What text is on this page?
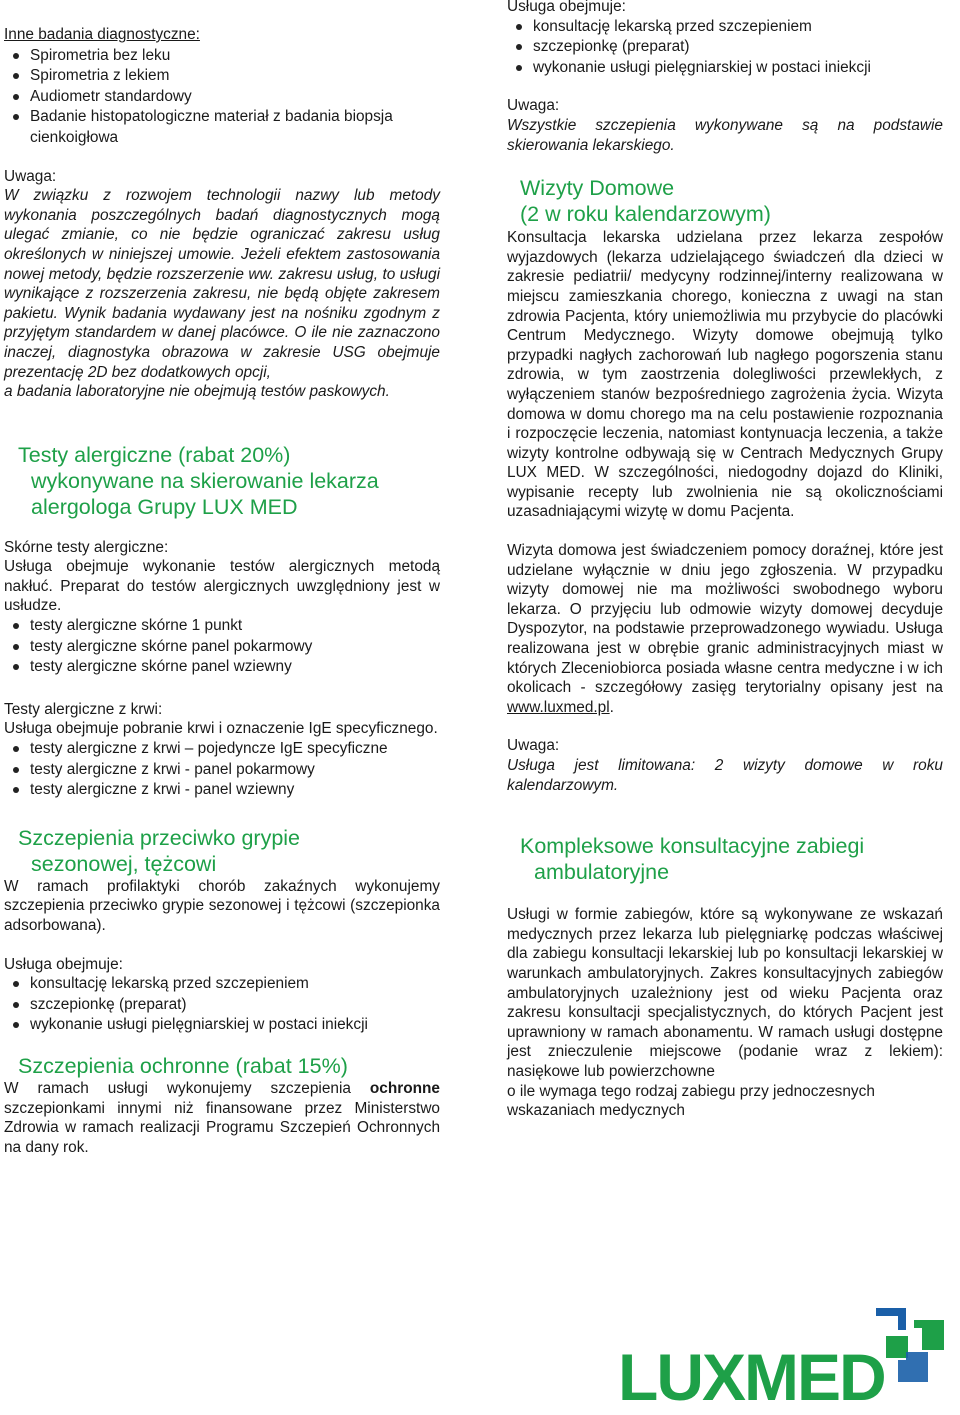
Inne badania diagnostyczne:

Spirometria bez leku
Spirometria z lekiem
Audiometr standardowy
Badanie histopatologiczne materiał z badania biopsja cienkoigłowa

Uwaga:

W związku z rozwojem technologii nazwy lub metody wykonania poszczególnych badań diagnostycznych mogą ulegać zmianie, co nie będzie ograniczać zakresu usług określonych w niniejszej umowie. Jeżeli efektem zastosowania nowej metody, będzie rozszerzenie ww. zakresu usług, to usługi wynikające z rozszerzenia zakresu, nie będą objęte zakresem pakietu. Wynik badania wydawany jest na nośniku zgodnym z przyjętym standardem w danej placówce. O ile nie zaznaczono inaczej, diagnostyka obrazowa w zakresie USG obejmuje prezentację 2D bez dodatkowych opcji,

a badania laboratoryjne nie obejmują testów paskowych.

Testy alergiczne (rabat 20%)

wykonywane na skierowanie lekarza

alergologa Grupy LUX MED

Skórne testy alergiczne:

Usługa obejmuje wykonanie testów alergicznych metodą nakłuć. Preparat do testów alergicznych uwzględniony jest w usłudze.

testy alergiczne skórne 1 punkt
testy alergiczne skórne panel pokarmowy
testy alergiczne skórne panel wziewny

Testy alergiczne z krwi:

Usługa obejmuje pobranie krwi i oznaczenie IgE specyficznego.

testy alergiczne z krwi – pojedyncze IgE specyficzne
testy alergiczne z krwi - panel pokarmowy
testy alergiczne z krwi - panel wziewny

Szczepienia przeciwko grypie

sezonowej, tężcowi

W ramach profilaktyki chorób zakaźnych wykonujemy szczepienia przeciwko grypie sezonowej i tężcowi (szczepionka adsorbowana).

Usługa obejmuje:

konsultację lekarską przed szczepieniem
szczepionkę (preparat)
wykonanie usługi pielęgniarskiej w postaci iniekcji

Szczepienia ochronne (rabat 15%)

W ramach usługi wykonujemy szczepienia ochronne szczepionkami innymi niż finansowane przez Ministerstwo Zdrowia w ramach realizacji Programu Szczepień Ochronnych na dany rok.

Usługa obejmuje:

konsultację lekarską przed szczepieniem
szczepionkę (preparat)
wykonanie usługi pielęgniarskiej w postaci iniekcji

Uwaga:

Wszystkie szczepienia wykonywane są na podstawie skierowania lekarskiego.

Wizyty Domowe

(2 w roku kalendarzowym)

Konsultacja lekarska udzielana przez lekarza zespołów wyjazdowych (lekarza udzielającego świadczeń dla dzieci w zakresie pediatrii/ medycyny rodzinnej/interny realizowana w miejscu zamieszkania chorego, konieczna z uwagi na stan zdrowia Pacjenta, który uniemożliwia mu przybycie do placówki Centrum Medycznego. Wizyty domowe obejmują tylko przypadki nagłych zachorowań lub nagłego pogorszenia stanu zdrowia, w tym zaostrzenia dolegliwości przewlekłych, z wyłączeniem stanów bezpośredniego zagrożenia życia. Wizyta domowa w domu chorego ma na celu postawienie rozpoznania i rozpoczęcie leczenia, natomiast kontynuacja leczenia, a także wizyty kontrolne odbywają się w Centrach Medycznych Grupy LUX MED. W szczególności, niedogodny dojazd do Kliniki, wypisanie recepty lub zwolnienia nie są okolicznościami uzasadniającymi wizytę w domu Pacjenta.

Wizyta domowa jest świadczeniem pomocy doraźnej, które jest udzielane wyłącznie w dniu jego zgłoszenia. W przypadku wizyty domowej nie ma możliwości swobodnego wyboru lekarza. O przyjęciu lub odmowie wizyty domowej decyduje Dyspozytor, na podstawie przeprowadzonego wywiadu. Usługa realizowana jest w obrębie granic administracyjnych miast w których Zleceniobiorca posiada własne centra medyczne i w ich okolicach - szczegółowy zasięg terytorialny opisany jest na www.luxmed.pl.

Uwaga:

Usługa jest limitowana: 2 wizyty domowe w roku kalendarzowym.

Kompleksowe konsultacyjne zabiegi

ambulatoryjne

Usługi w formie zabiegów, które są wykonywane ze wskazań medycznych przez lekarza lub pielęgniarkę podczas właściwej dla zabiegu konsultacji lekarskiej lub po konsultacji lekarskiej w warunkach ambulatoryjnych. Zakres konsultacyjnych zabiegów ambulatoryjnych uzależniony jest od wieku Pacjenta oraz zakresu konsultacji specjalistycznych, do których Pacjent jest uprawniony w ramach abonamentu. W ramach usługi dostępne jest znieczulenie miejscowe (podanie wraz z lekiem): nasiękowe lub powierzchowne

o ile wymaga tego rodzaj zabiegu przy jednoczesnych wskazaniach medycznych

LUXMED
